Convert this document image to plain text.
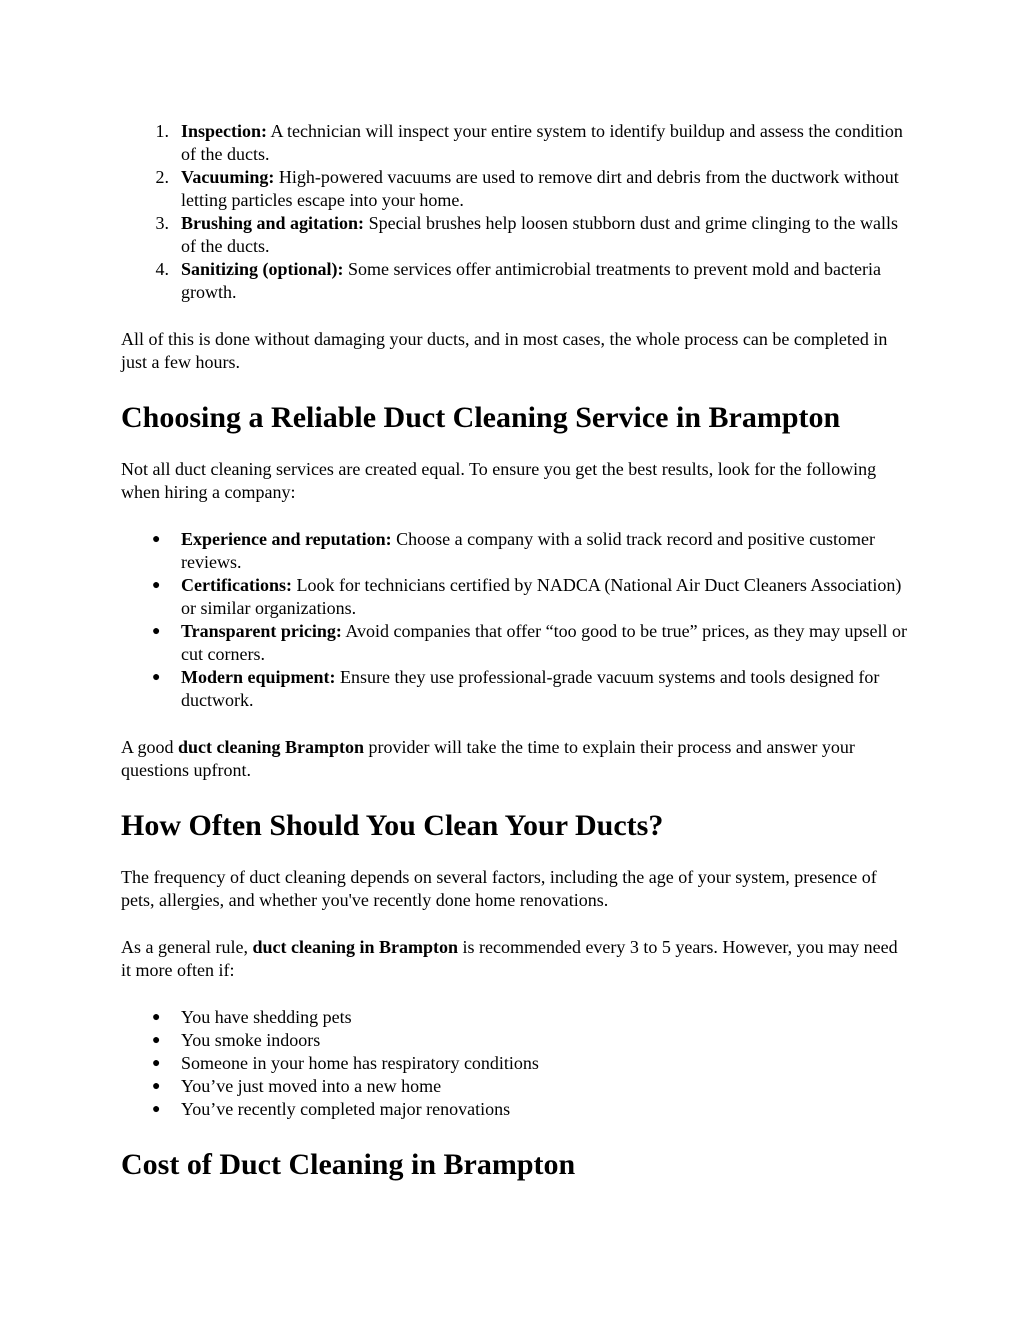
1. Inspection: A technician will inspect your entire system to identify buildup and assess the condition of the ducts.
2. Vacuuming: High-powered vacuums are used to remove dirt and debris from the ductwork without letting particles escape into your home.
3. Brushing and agitation: Special brushes help loosen stubborn dust and grime clinging to the walls of the ducts.
4. Sanitizing (optional): Some services offer antimicrobial treatments to prevent mold and bacteria growth.

All of this is done without damaging your ducts, and in most cases, the whole process can be completed in just a few hours.

Choosing a Reliable Duct Cleaning Service in Brampton

Not all duct cleaning services are created equal. To ensure you get the best results, look for the following when hiring a company:

● Experience and reputation: Choose a company with a solid track record and positive customer reviews.
● Certifications: Look for technicians certified by NADCA (National Air Duct Cleaners Association) or similar organizations.
● Transparent pricing: Avoid companies that offer “too good to be true” prices, as they may upsell or cut corners.
● Modern equipment: Ensure they use professional-grade vacuum systems and tools designed for ductwork.

A good duct cleaning Brampton provider will take the time to explain their process and answer your questions upfront.

How Often Should You Clean Your Ducts?

The frequency of duct cleaning depends on several factors, including the age of your system, presence of pets, allergies, and whether you've recently done home renovations.

As a general rule, duct cleaning in Brampton is recommended every 3 to 5 years. However, you may need it more often if:

● You have shedding pets
● You smoke indoors
● Someone in your home has respiratory conditions
● You’ve just moved into a new home
● You’ve recently completed major renovations
Cost of Duct Cleaning in Brampton
